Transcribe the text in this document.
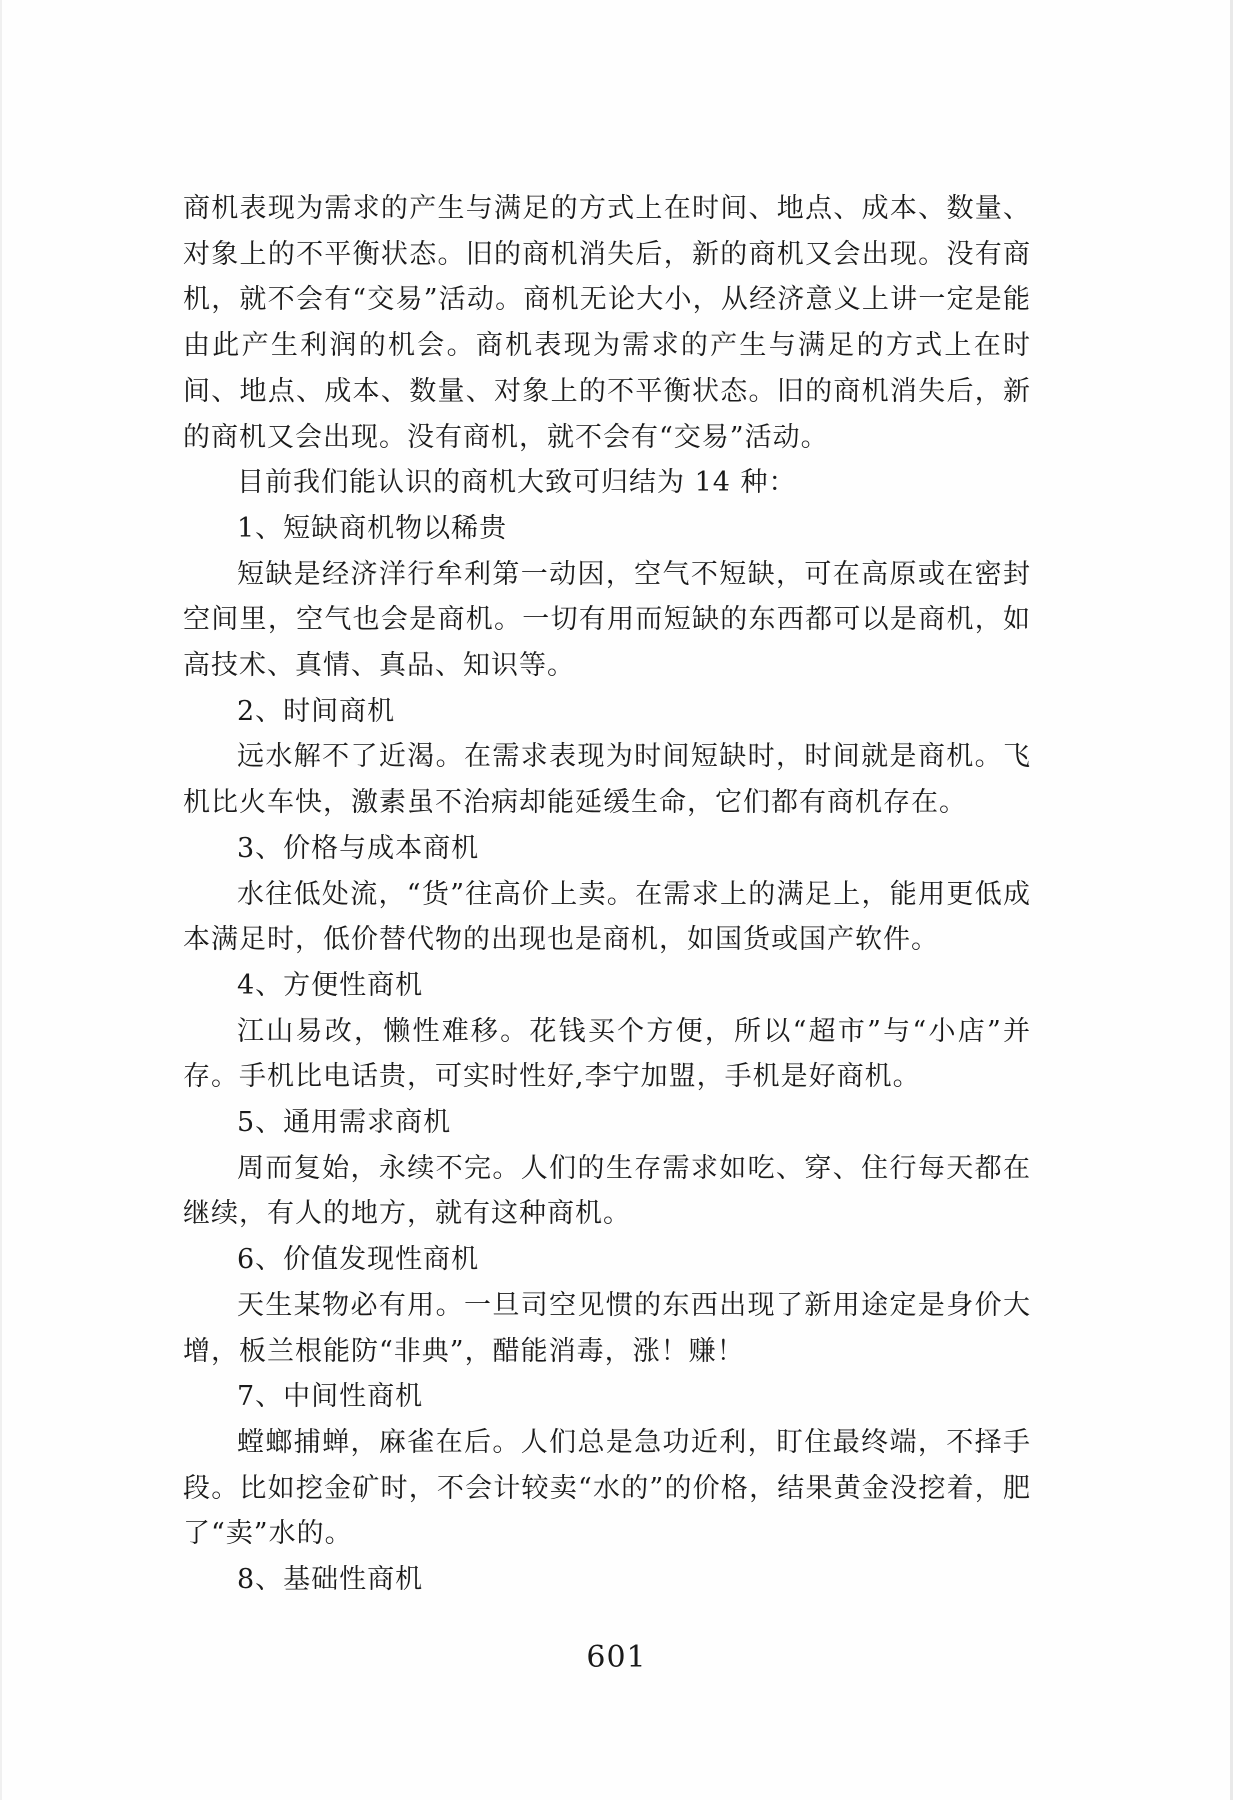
商机表现为需求的产生与满足的方式上在时间、地点、成本、数量、对象上的不平衡状态。旧的商机消失后，新的商机又会出现。没有商机，就不会有“交易”活动。商机无论大小，从经济意义上讲一定是能由此产生利润的机会。商机表现为需求的产生与满足的方式上在时间、地点、成本、数量、对象上的不平衡状态。旧的商机消失后，新的商机又会出现。没有商机，就不会有“交易”活动。

目前我们能认识的商机大致可归结为 14 种：

1、短缺商机物以稀贵

短缺是经济洋行牟利第一动因，空气不短缺，可在高原或在密封空间里，空气也会是商机。一切有用而短缺的东西都可以是商机，如高技术、真情、真品、知识等。

2、时间商机

远水解不了近渴。在需求表现为时间短缺时，时间就是商机。飞机比火车快，激素虽不治病却能延缓生命，它们都有商机存在。

3、价格与成本商机

水往低处流，“货”往高价上卖。在需求上的满足上，能用更低成本满足时，低价替代物的出现也是商机，如国货或国产软件。

4、方便性商机

江山易改，懒性难移。花钱买个方便，所以“超市”与“小店”并存。手机比电话贵，可实时性好,李宁加盟，手机是好商机。

5、通用需求商机

周而复始，永续不完。人们的生存需求如吃、穿、住行每天都在继续，有人的地方，就有这种商机。

6、价值发现性商机

天生某物必有用。一旦司空见惯的东西出现了新用途定是身价大增，板兰根能防“非典”，醋能消毒，涨！赚！

7、中间性商机

螳螂捕蝉，麻雀在后。人们总是急功近利，盯住最终端，不择手段。比如挖金矿时，不会计较卖“水的”的价格，结果黄金没挖着，肥了“卖”水的。

8、基础性商机

601
